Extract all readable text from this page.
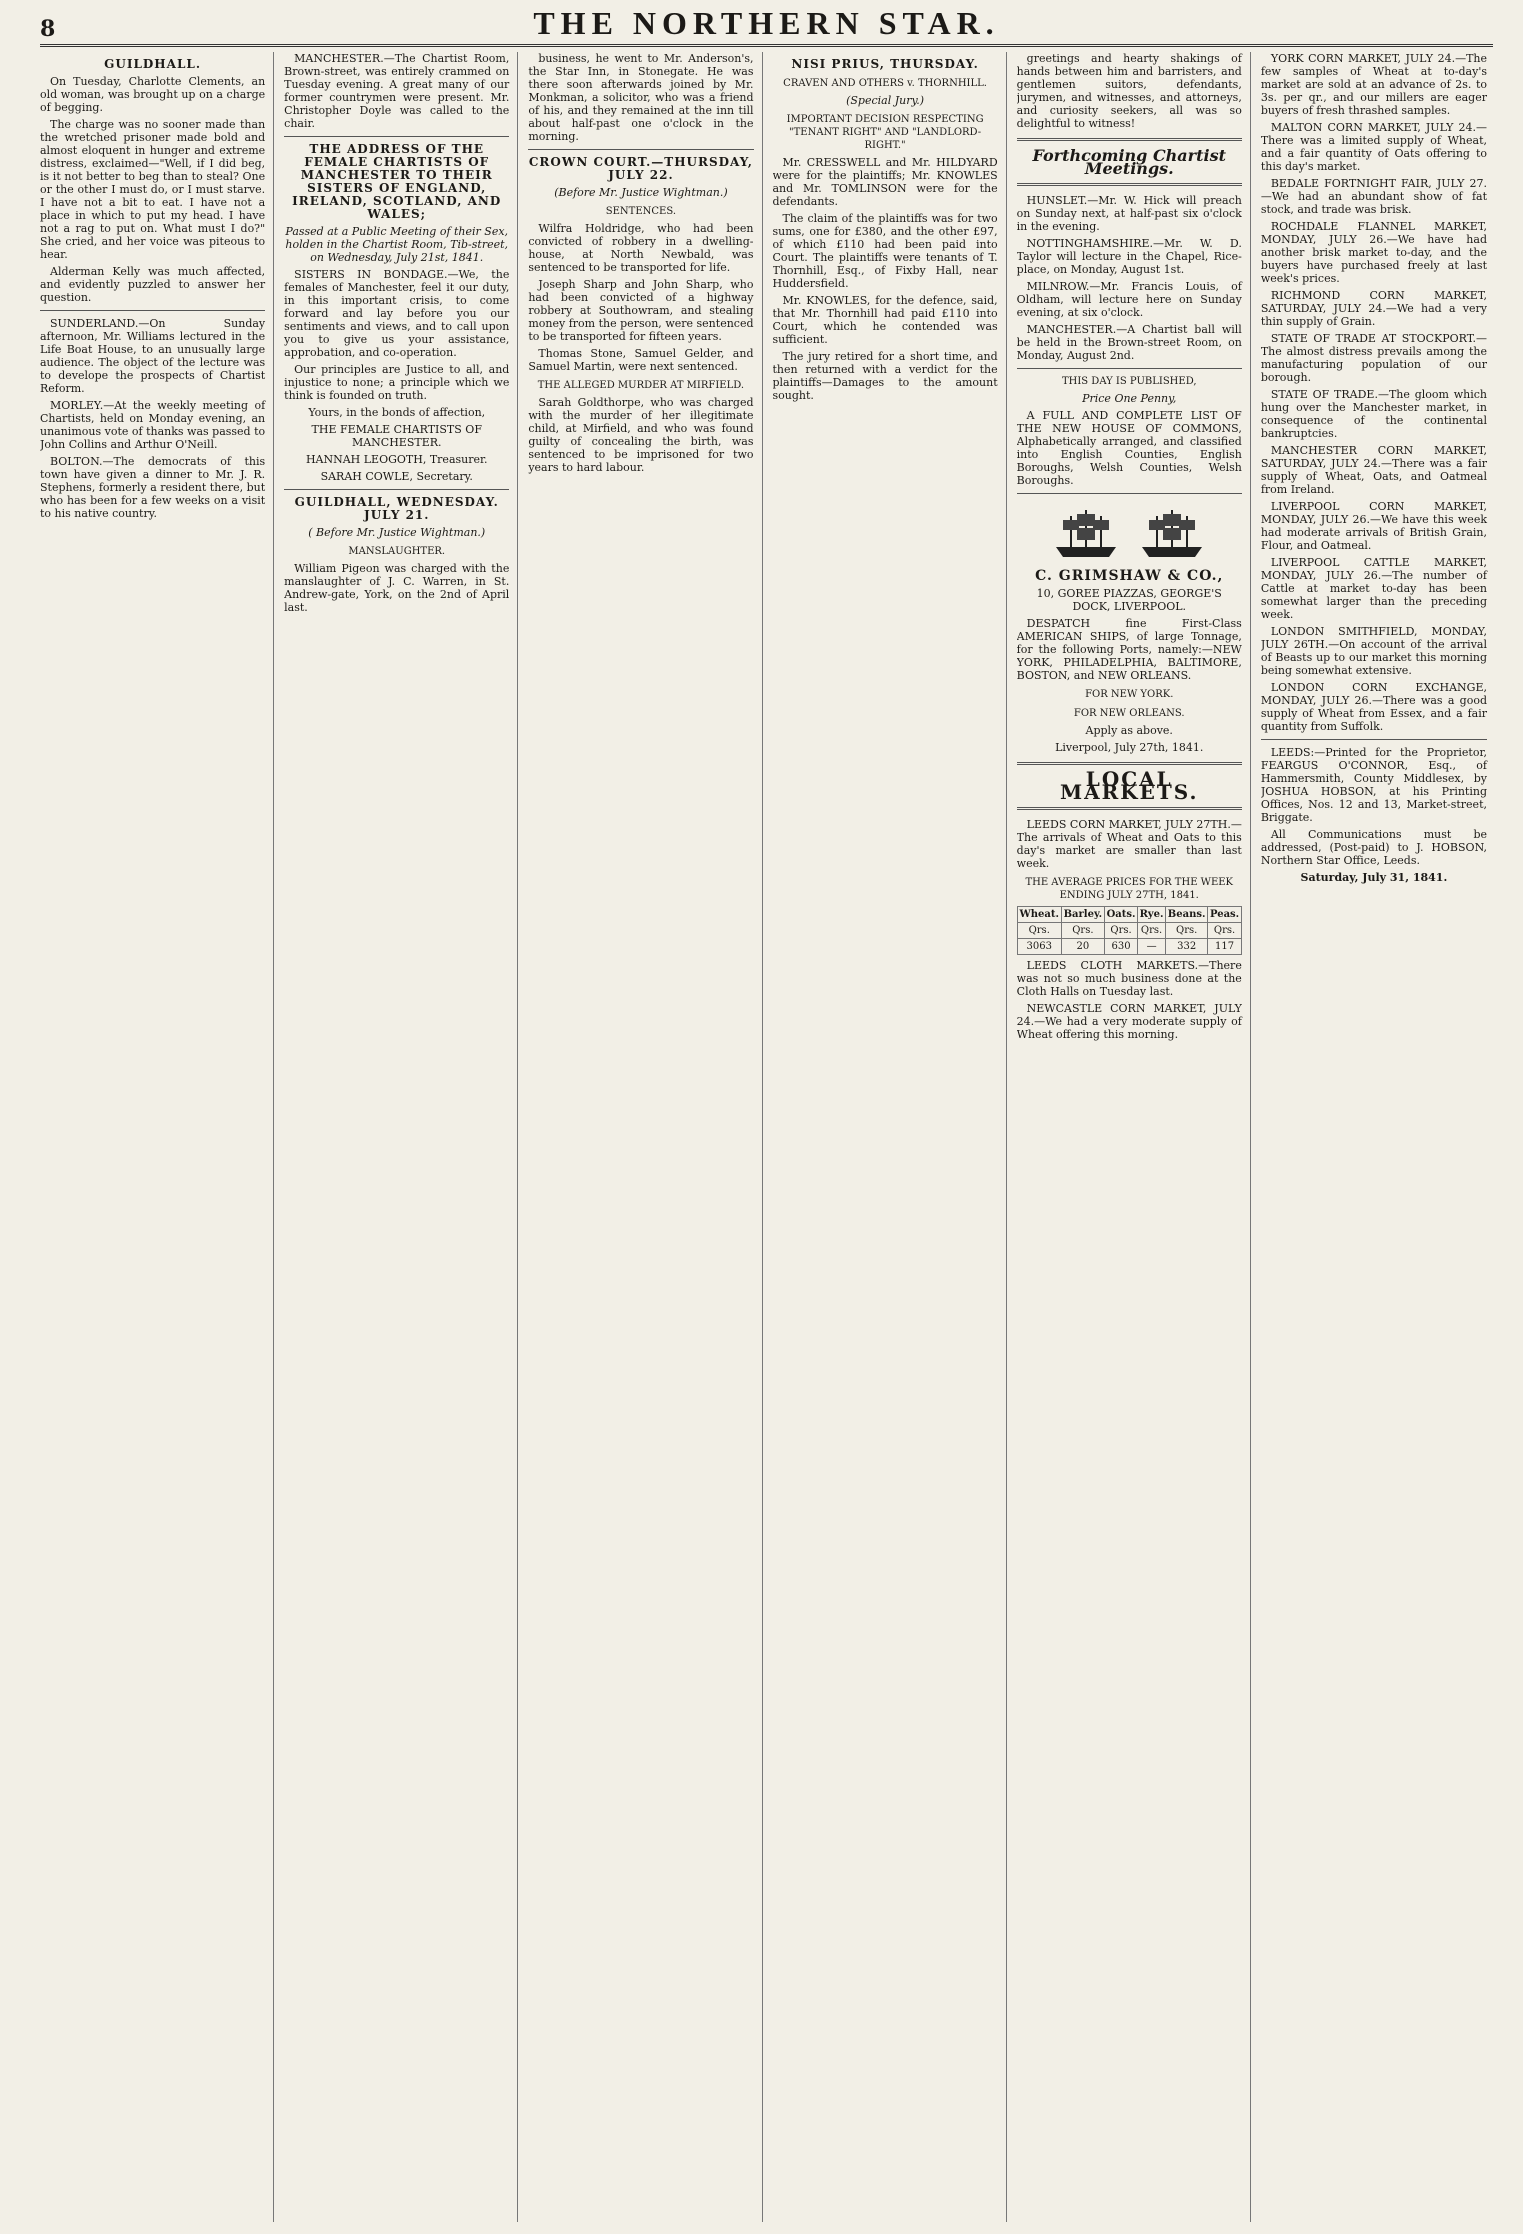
8	THE NORTHERN STAR.
GUILDHALL.

On Tuesday, Charlotte Clements, an old woman, was brought up on a charge of begging.

The charge was no sooner made than the wretched prisoner made bold and almost eloquent in hunger and extreme distress, exclaimed—"Well, if I did beg, is it not better to beg than to steal? One or the other I must do, or I must starve. I have not a bit to eat. I have not a place in which to put my head. I have not a rag to put on. What must I do?" She cried, and her voice was piteous to hear.

Alderman Kelly was much affected, and evidently puzzled to answer her question.

SUNDERLAND.—On Sunday afternoon, Mr. Williams lectured in the Life Boat House, to an unusually large audience. The object of the lecture was to develope the prospects of Chartist Reform.

MORLEY.—At the weekly meeting of Chartists, held on Monday evening, an unanimous vote of thanks was passed to John Collins and Arthur O'Neill.

BOLTON.—The democrats of this town have given a dinner to Mr. J. R. Stephens, formerly a resident there, but who has been for a few weeks on a visit to his native country.

MANCHESTER.—The Chartist Room, Brown-street, was entirely crammed on Tuesday evening. A great many of our former countrymen were present. Mr. Christopher Doyle was called to the chair.

THE ADDRESS OF THE FEMALE CHARTISTS OF MANCHESTER TO THEIR SISTERS OF ENGLAND, IRELAND, SCOTLAND, AND WALES;

Passed at a Public Meeting of their Sex, holden in the Chartist Room, Tib-street, on Wednesday, July 21st, 1841.

SISTERS IN BONDAGE.—We, the females of Manchester, feel it our duty, in this important crisis, to come forward and lay before you our sentiments and views, and to call upon you to give us your assistance, approbation, and co-operation.

Our principles are Justice to all, and injustice to none; a principle which we think is founded on truth.

Yours, in the bonds of affection,

THE FEMALE CHARTISTS OF MANCHESTER.

HANNAH LEOGOTH, Treasurer.

SARAH COWLE, Secretary.

GUILDHALL, WEDNESDAY. JULY 21.

( Before Mr. Justice Wightman.)

MANSLAUGHTER.

William Pigeon was charged with the manslaughter of J. C. Warren, in St. Andrew-gate, York, on the 2nd of April last.

business, he went to Mr. Anderson's, the Star Inn, in Stonegate. He was there soon afterwards joined by Mr. Monkman, a solicitor, who was a friend of his, and they remained at the inn till about half-past one o'clock in the morning.

CROWN COURT.—THURSDAY, JULY 22.

(Before Mr. Justice Wightman.)

SENTENCES.

Wilfra Holdridge, who had been convicted of robbery in a dwelling-house, at North Newbald, was sentenced to be transported for life.

Joseph Sharp and John Sharp, who had been convicted of a highway robbery at Southowram, and stealing money from the person, were sentenced to be transported for fifteen years.

Thomas Stone, Samuel Gelder, and Samuel Martin, were next sentenced.

THE ALLEGED MURDER AT MIRFIELD.

Sarah Goldthorpe, who was charged with the murder of her illegitimate child, at Mirfield, and who was found guilty of concealing the birth, was sentenced to be imprisoned for two years to hard labour.

NISI PRIUS, THURSDAY.
CRAVEN AND OTHERS v. THORNHILL.

(Special Jury.)

IMPORTANT DECISION RESPECTING "TENANT RIGHT" AND "LANDLORD-RIGHT."

Mr. CRESSWELL and Mr. HILDYARD were for the plaintiffs; Mr. KNOWLES and Mr. TOMLINSON were for the defendants.

The claim of the plaintiffs was for two sums, one for £380, and the other £97, of which £110 had been paid into Court. The plaintiffs were tenants of T. Thornhill, Esq., of Fixby Hall, near Huddersfield.

Mr. KNOWLES, for the defence, said, that Mr. Thornhill had paid £110 into Court, which he contended was sufficient.

The jury retired for a short time, and then returned with a verdict for the plaintiffs—Damages to the amount sought.

greetings and hearty shakings of hands between him and barristers, and gentlemen suitors, defendants, jurymen, and witnesses, and attorneys, and curiosity seekers, all was so delightful to witness!

Forthcoming Chartist Meetings.

HUNSLET.—Mr. W. Hick will preach on Sunday next, at half-past six o'clock in the evening.

NOTTINGHAMSHIRE.—Mr. W. D. Taylor will lecture in the Chapel, Rice-place, on Monday, August 1st.

MILNROW.—Mr. Francis Louis, of Oldham, will lecture here on Sunday evening, at six o'clock.

MANCHESTER.—A Chartist ball will be held in the Brown-street Room, on Monday, August 2nd.

THIS DAY IS PUBLISHED,

Price One Penny,

A FULL AND COMPLETE LIST OF THE NEW HOUSE OF COMMONS, Alphabetically arranged, and classified into English Counties, English Boroughs, Welsh Counties, Welsh Boroughs.

C. GRIMSHAW & CO.,

10, GOREE PIAZZAS, GEORGE'S DOCK, LIVERPOOL.

DESPATCH fine First-Class AMERICAN SHIPS, of large Tonnage, for the following Ports, namely:—NEW YORK, PHILADELPHIA, BALTIMORE, BOSTON, and NEW ORLEANS.

FOR NEW YORK.
FOR NEW ORLEANS.

Apply as above.

Liverpool, July 27th, 1841.

LOCAL MARKETS.

LEEDS CORN MARKET, JULY 27TH.—The arrivals of Wheat and Oats to this day's market are smaller than last week.

THE AVERAGE PRICES FOR THE WEEK ENDING JULY 27TH, 1841.
Wheat.	Barley.	Oats.	Rye.	Beans.	Peas.
Qrs.	Qrs.	Qrs.	Qrs.	Qrs.	Qrs.
3063	20	630	—	332	117

LEEDS CLOTH MARKETS.—There was not so much business done at the Cloth Halls on Tuesday last.

NEWCASTLE CORN MARKET, JULY 24.—We had a very moderate supply of Wheat offering this morning.

YORK CORN MARKET, JULY 24.—The few samples of Wheat at to-day's market are sold at an advance of 2s. to 3s. per qr., and our millers are eager buyers of fresh thrashed samples.

MALTON CORN MARKET, JULY 24.—There was a limited supply of Wheat, and a fair quantity of Oats offering to this day's market.

BEDALE FORTNIGHT FAIR, JULY 27.—We had an abundant show of fat stock, and trade was brisk.

ROCHDALE FLANNEL MARKET, MONDAY, JULY 26.—We have had another brisk market to-day, and the buyers have purchased freely at last week's prices.

RICHMOND CORN MARKET, SATURDAY, JULY 24.—We had a very thin supply of Grain.

STATE OF TRADE AT STOCKPORT.—The almost distress prevails among the manufacturing population of our borough.

STATE OF TRADE.—The gloom which hung over the Manchester market, in consequence of the continental bankruptcies.

MANCHESTER CORN MARKET, SATURDAY, JULY 24.—There was a fair supply of Wheat, Oats, and Oatmeal from Ireland.

LIVERPOOL CORN MARKET, MONDAY, JULY 26.—We have this week had moderate arrivals of British Grain, Flour, and Oatmeal.

LIVERPOOL CATTLE MARKET, MONDAY, JULY 26.—The number of Cattle at market to-day has been somewhat larger than the preceding week.

LONDON SMITHFIELD, MONDAY, JULY 26TH.—On account of the arrival of Beasts up to our market this morning being somewhat extensive.

LONDON CORN EXCHANGE, MONDAY, JULY 26.—There was a good supply of Wheat from Essex, and a fair quantity from Suffolk.

LEEDS:—Printed for the Proprietor, FEARGUS O'CONNOR, Esq., of Hammersmith, County Middlesex, by JOSHUA HOBSON, at his Printing Offices, Nos. 12 and 13, Market-street, Briggate.

All Communications must be addressed, (Post-paid) to J. HOBSON, Northern Star Office, Leeds.

Saturday, July 31, 1841.
